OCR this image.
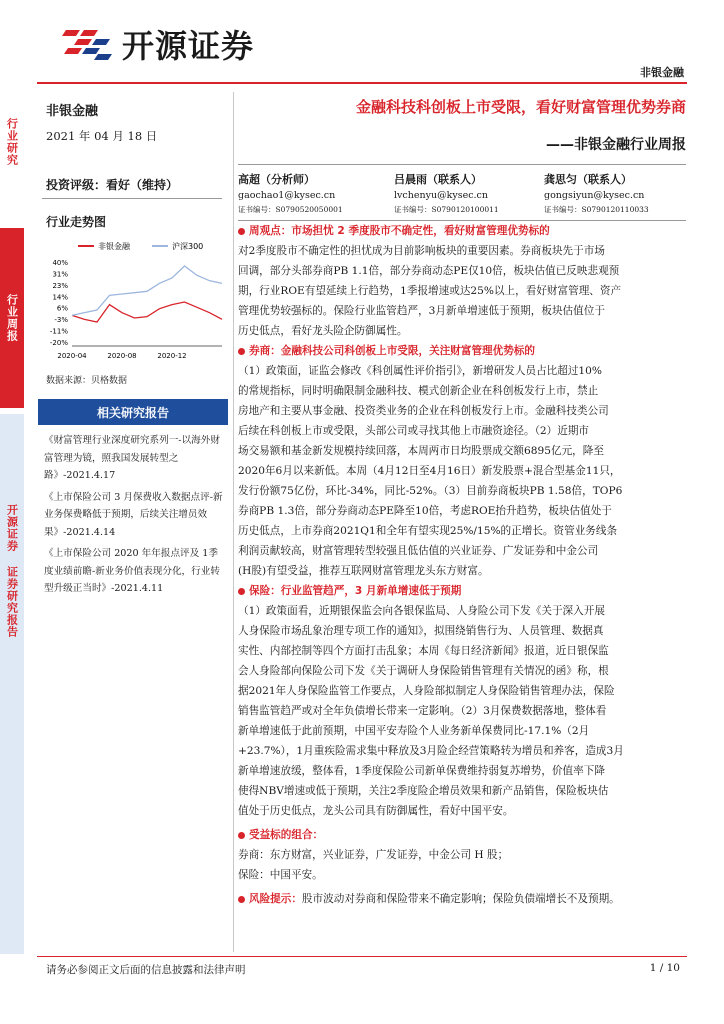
行业研究
行业周报
开源证券
证券研究报告
开源证券
非银金融
非银金融
2021 年 04 月 18 日
投资评级：看好（维持）
行业走势图
非银金融	沪深300
40%
31%
23%
14%
6%
-3%
-11%
-20%
2020-04	2020-08	2020-12
数据来源：贝格数据
相关研究报告

《财富管理行业深度研究系列一-以海外财富管理为镜，照我国发展转型之路》-2021.4.17

《上市保险公司 3 月保费收入数据点评-新业务保费略低于预期，后续关注增员效果》-2021.4.14

《上市保险公司 2020 年年报点评及 1季度业绩前瞻-新业务价值表现分化，行业转型升级正当时》-2021.4.11

金融科技科创板上市受限，看好财富管理优势券商
——非银金融行业周报
高超（分析师）
gaochao1@kysec.cn
证书编号：S0790520050001
吕晨雨（联系人）
lvchenyu@kysec.cn
证书编号：S0790120100011
龚思匀（联系人）
gongsiyun@kysec.cn
证书编号：S0790120110033
周观点：市场担忧 2 季度股市不确定性，看好财富管理优势标的

对2季度股市不确定性的担忧成为目前影响板块的重要因素。券商板块先于市场

回调，部分头部券商PB 1.1倍，部分券商动态PE仅10倍，板块估值已反映悲观预

期，行业ROE有望延续上行趋势，1季报增速或达25%以上，看好财富管理、资产

管理优势较强标的。保险行业监管趋严，3月新单增速低于预期，板块估值位于

历史低点，看好龙头险企防御属性。

券商：金融科技公司科创板上市受限，关注财富管理优势标的

（1）政策面，证监会修改《科创属性评价指引》，新增研发人员占比超过10%

的常规指标，同时明确限制金融科技、模式创新企业在科创板发行上市，禁止

房地产和主要从事金融、投资类业务的企业在科创板发行上市。金融科技类公司

后续在科创板上市或受限，头部公司或寻找其他上市融资途径。（2）近期市

场交易额和基金新发规模持续回落，本周两市日均股票成交额6895亿元，降至

2020年6月以来新低。本周（4月12日至4月16日）新发股票+混合型基金11只，

发行份额75亿份，环比-34%，同比-52%。（3）目前券商板块PB 1.58倍，TOP6

券商PB 1.3倍，部分券商动态PE降至10倍，考虑ROE抬升趋势，板块估值处于

历史低点，上市券商2021Q1和全年有望实现25%/15%的正增长。资管业务线条

利润贡献较高，财富管理转型较强且低估值的兴业证券、广发证券和中金公司

(H股)有望受益，推荐互联网财富管理龙头东方财富。

保险：行业监管趋严，3 月新单增速低于预期

（1）政策面看，近期银保监会向各银保监局、人身险公司下发《关于深入开展

人身保险市场乱象治理专项工作的通知》，拟围绕销售行为、人员管理、数据真

实性、内部控制等四个方面打击乱象；本周《每日经济新闻》报道，近日银保监

会人身险部向保险公司下发《关于调研人身保险销售管理有关情况的函》称，根

据2021年人身保险监管工作要点，人身险部拟制定人身保险销售管理办法，保险

销售监管趋严或对全年负债增长带来一定影响。（2）3月保费数据落地，整体看

新单增速低于此前预期，中国平安寿险个人业务新单保费同比-17.1%（2月

+23.7%），1月重疾险需求集中释放及3月险企经营策略转为增员和养客，造成3月

新单增速放缓，整体看，1季度保险公司新单保费维持弱复苏增势，价值率下降

使得NBV增速或低于预期，关注2季度险企增员效果和新产品销售，保险板块估

值处于历史低点，龙头公司具有防御属性，看好中国平安。

受益标的组合：

券商：东方财富，兴业证券，广发证券，中金公司 H 股；

保险：中国平安。

风险提示：股市波动对券商和保险带来不确定影响；保险负债端增长不及预期。

请务必参阅正文后面的信息披露和法律声明	1 / 10
